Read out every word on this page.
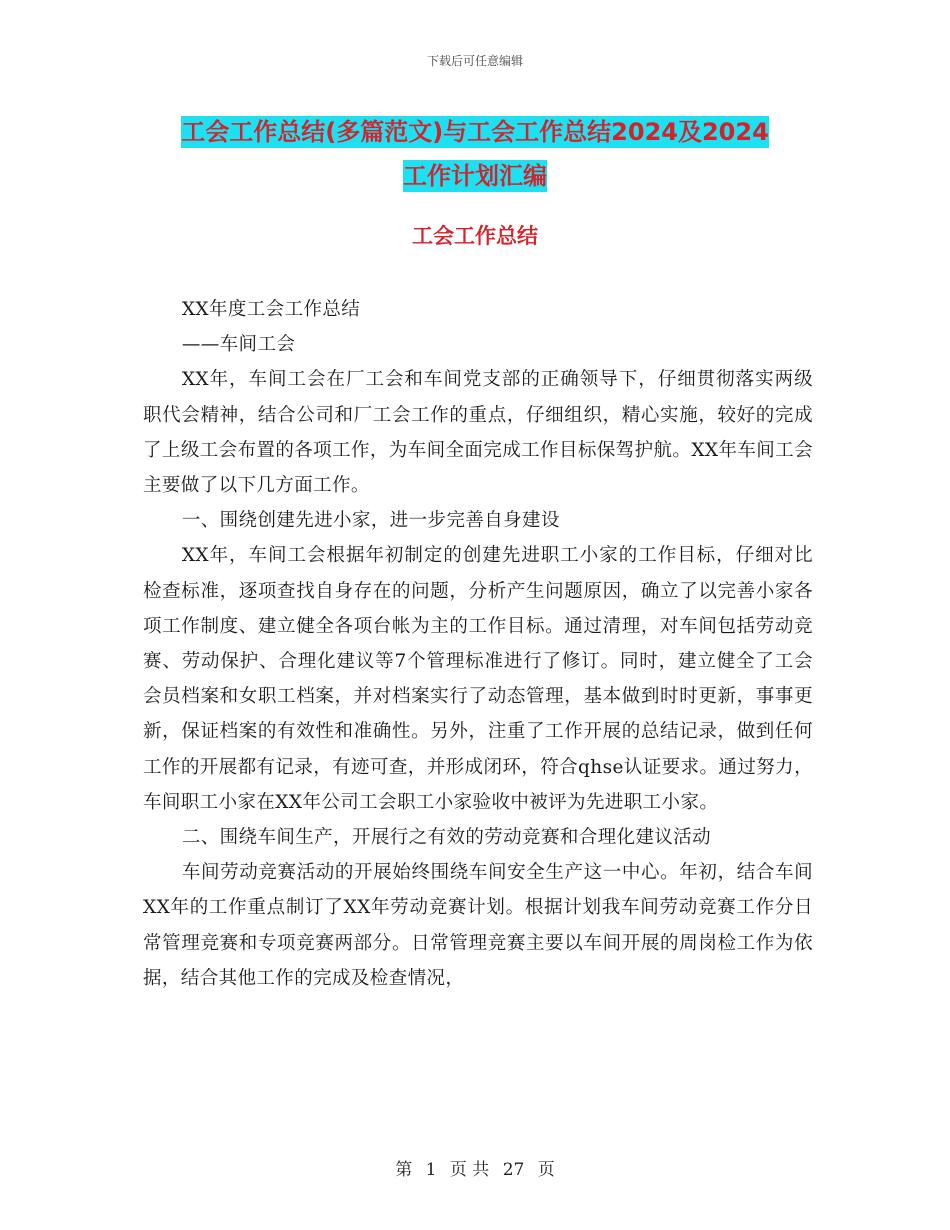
下载后可任意编辑
工会工作总结(多篇范文)与工会工作总结2024及2024
工作计划汇编
工会工作总结

XX年度工会工作总结

——车间工会

XX年，车间工会在厂工会和车间党支部的正确领导下，仔细贯彻落实两级职代会精神，结合公司和厂工会工作的重点，仔细组织，精心实施，较好的完成了上级工会布置的各项工作，为车间全面完成工作目标保驾护航。XX年车间工会主要做了以下几方面工作。

一、围绕创建先进小家，进一步完善自身建设

XX年，车间工会根据年初制定的创建先进职工小家的工作目标，仔细对比检查标准，逐项查找自身存在的问题，分析产生问题原因，确立了以完善小家各项工作制度、建立健全各项台帐为主的工作目标。通过清理，对车间包括劳动竞赛、劳动保护、合理化建议等7个管理标准进行了修订。同时，建立健全了工会会员档案和女职工档案，并对档案实行了动态管理，基本做到时时更新，事事更新，保证档案的有效性和准确性。另外，注重了工作开展的总结记录，做到任何工作的开展都有记录，有迹可查，并形成闭环，符合qhse认证要求。通过努力，车间职工小家在XX年公司工会职工小家验收中被评为先进职工小家。

二、围绕车间生产，开展行之有效的劳动竞赛和合理化建议活动

车间劳动竞赛活动的开展始终围绕车间安全生产这一中心。年初，结合车间XX年的工作重点制订了XX年劳动竞赛计划。根据计划我车间劳动竞赛工作分日常管理竞赛和专项竞赛两部分。日常管理竞赛主要以车间开展的周岗检工作为依据，结合其他工作的完成及检查情况，

第 1 页 共 27 页
